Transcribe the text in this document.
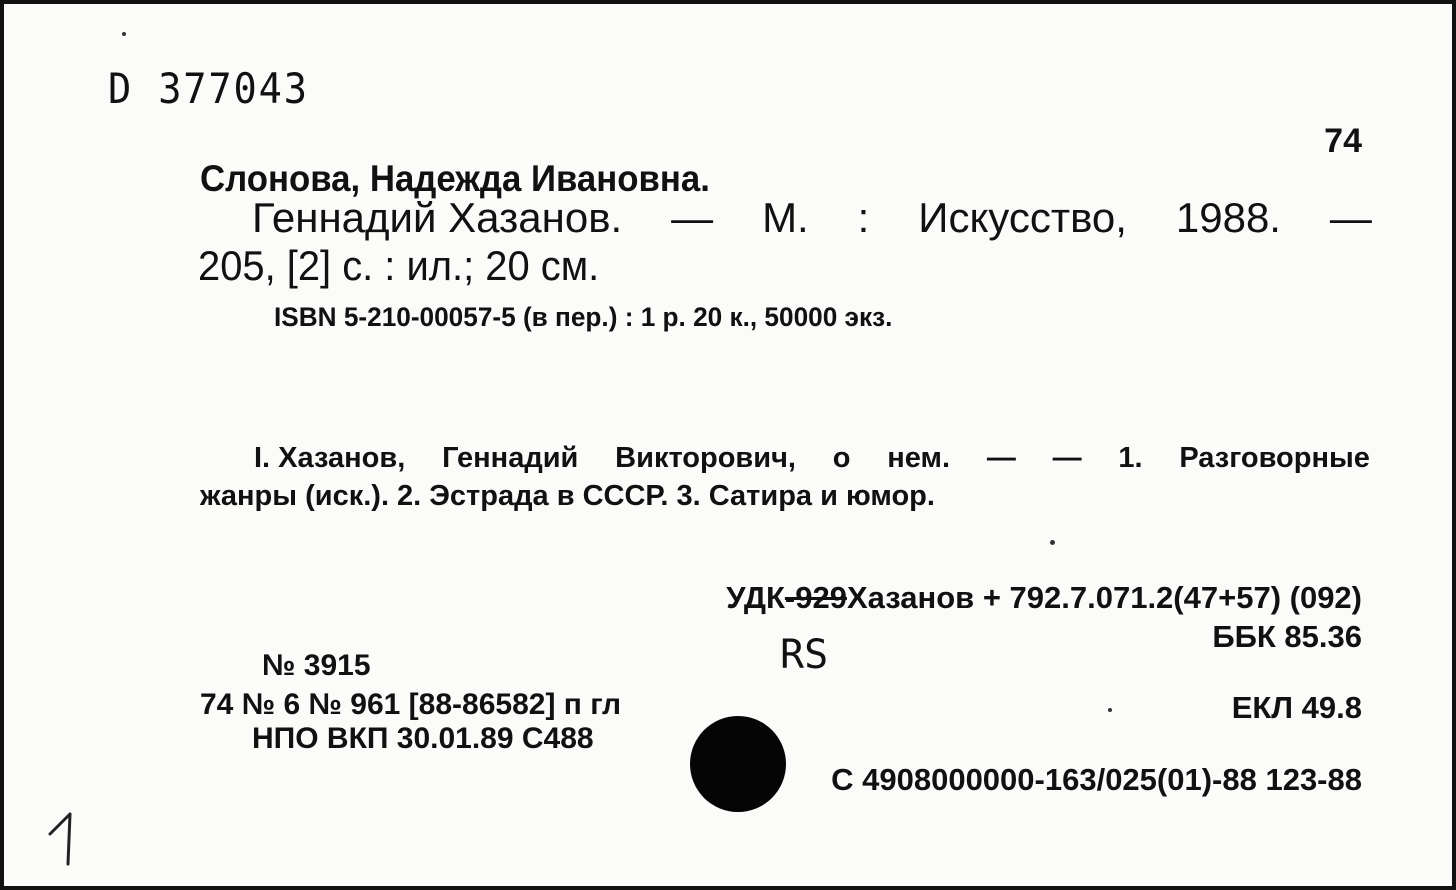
D 377043
74
Слонова, Надежда Ивановна.
Геннадий Хазанов. — М. : Искусство, 1988. —
205, [2] с. : ил.; 20 см.
ISBN 5-210-00057-5 (в пер.) : 1 р. 20 к., 50000 экз.
I. Хазанов, Геннадий Викторович, о нем. — — 1. Разговорные
жанры (иск.). 2. Эстрада в СССР. 3. Сатира и юмор.
УДК-929Хазанов + 792.7.071.2(47+57) (092)
ББК 85.36
RS
№ 3915
74 № 6 № 961 [88-86582] п гл	ЕКЛ 49.8
НПО ВКП 30.01.89 С488
С 4908000000-163/025(01)-88 123-88
